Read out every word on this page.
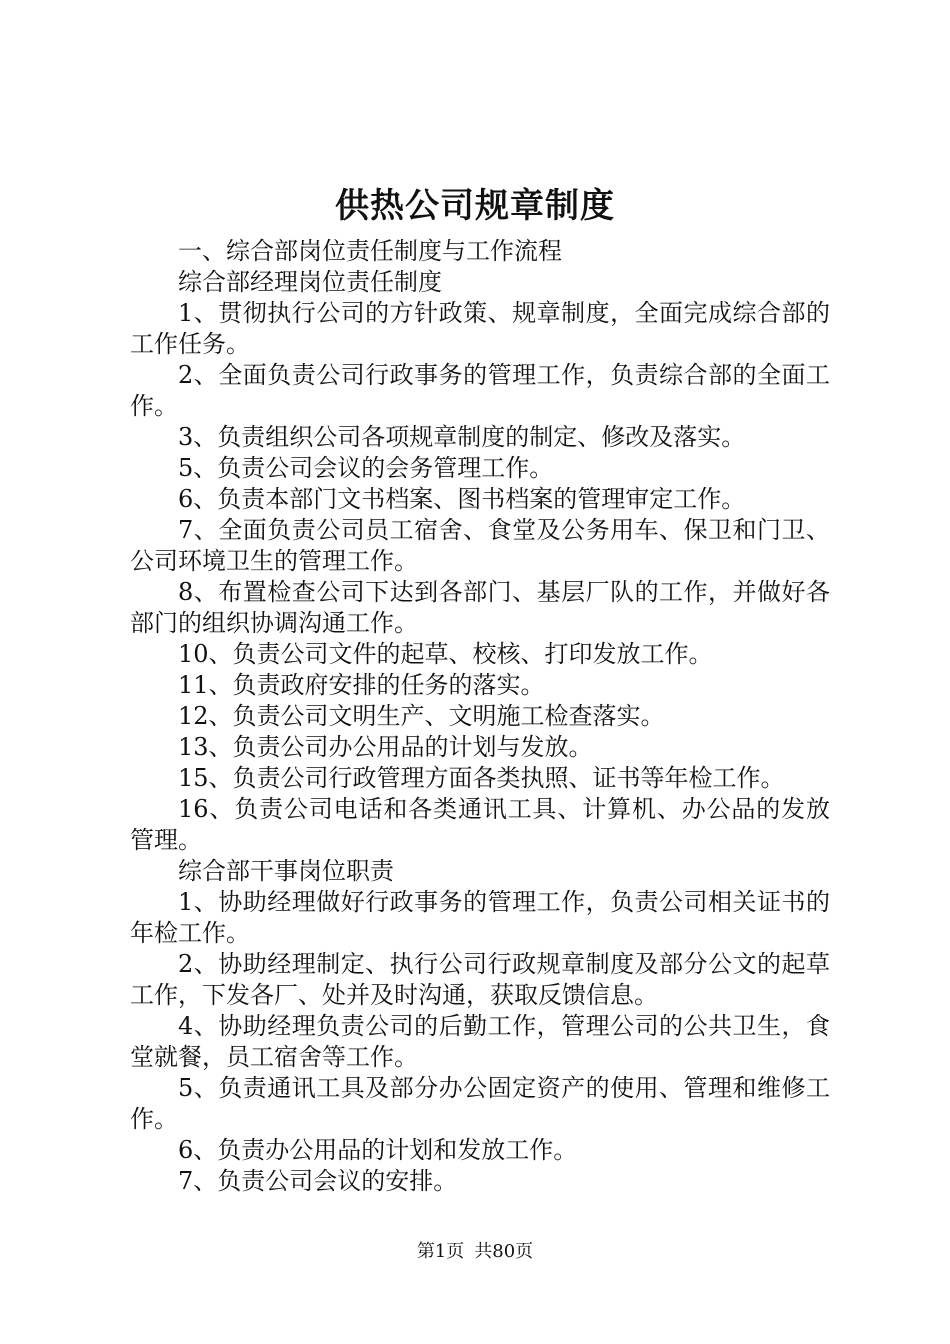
供热公司规章制度

一、综合部岗位责任制度与工作流程

综合部经理岗位责任制度

1、贯彻执行公司的方针政策、规章制度，全面完成综合部的工作任务。

2、全面负责公司行政事务的管理工作，负责综合部的全面工作。

3、负责组织公司各项规章制度的制定、修改及落实。

5、负责公司会议的会务管理工作。

6、负责本部门文书档案、图书档案的管理审定工作。

7、全面负责公司员工宿舍、食堂及公务用车、保卫和门卫、公司环境卫生的管理工作。

8、布置检查公司下达到各部门、基层厂队的工作，并做好各部门的组织协调沟通工作。

10、负责公司文件的起草、校核、打印发放工作。

11、负责政府安排的任务的落实。

12、负责公司文明生产、文明施工检查落实。

13、负责公司办公用品的计划与发放。

15、负责公司行政管理方面各类执照、证书等年检工作。

16、负责公司电话和各类通讯工具、计算机、办公品的发放管理。

综合部干事岗位职责

1、协助经理做好行政事务的管理工作，负责公司相关证书的年检工作。

2、协助经理制定、执行公司行政规章制度及部分公文的起草工作，下发各厂、处并及时沟通，获取反馈信息。

4、协助经理负责公司的后勤工作，管理公司的公共卫生，食堂就餐，员工宿舍等工作。

5、负责通讯工具及部分办公固定资产的使用、管理和维修工作。

6、负责办公用品的计划和发放工作。

7、负责公司会议的安排。

第1页 共80页
